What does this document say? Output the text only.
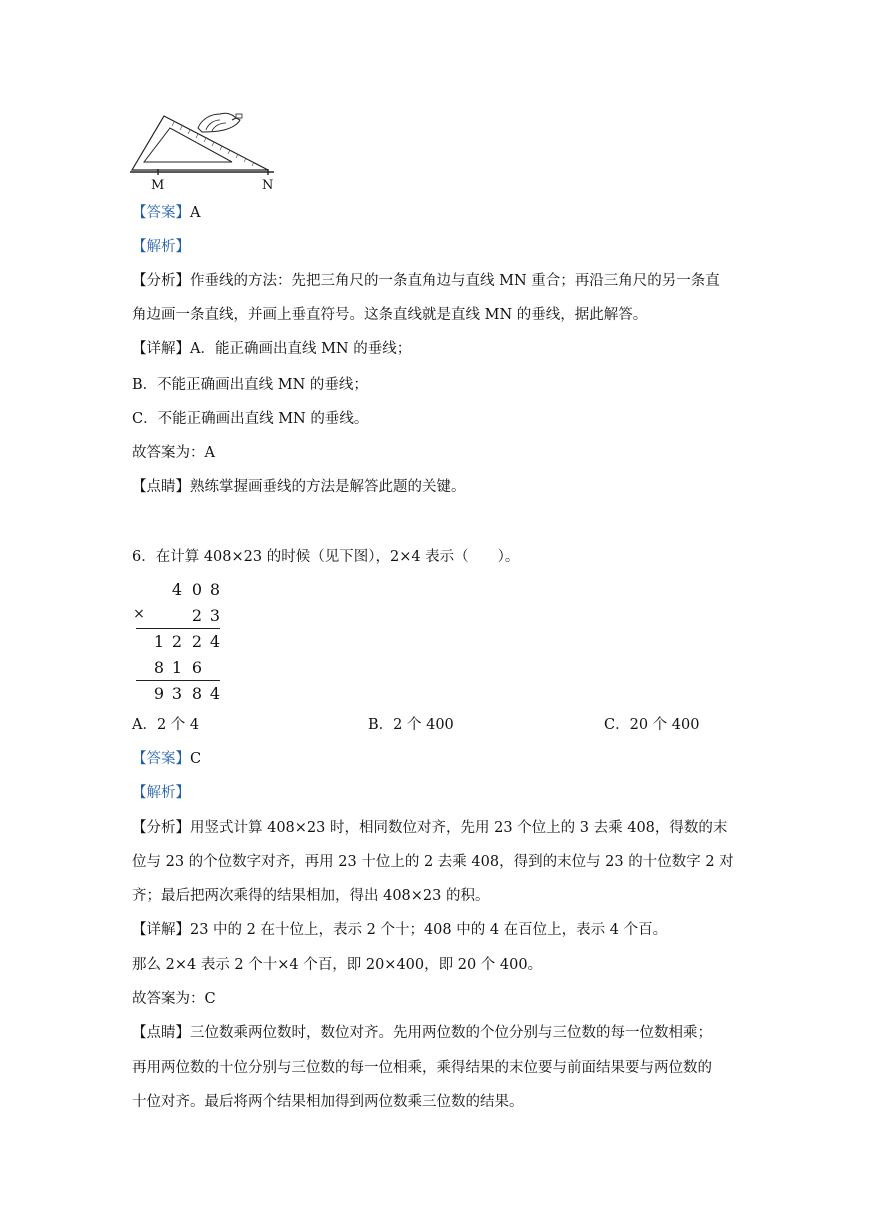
M	N
【答案】A
【解析】
【分析】作垂线的方法：先把三角尺的一条直角边与直线 MN 重合；再沿三角尺的另一条直
角边画一条直线，并画上垂直符号。这条直线就是直线 MN 的垂线，据此解答。
【详解】A．能正确画出直线 MN 的垂线；
B．不能正确画出直线 MN 的垂线；
C．不能正确画出直线 MN 的垂线。
故答案为：A
【点睛】熟练掌握画垂线的方法是解答此题的关键。
6．在计算 408×23 的时候（见下图），2×4 表示（　　）。
4 0 8
×	2 3
1 2 2 4
8 1 6
9 3 8 4
A．2 个 4	B．2 个 400	C．20 个 400
【答案】C
【解析】
【分析】用竖式计算 408×23 时，相同数位对齐，先用 23 个位上的 3 去乘 408，得数的末
位与 23 的个位数字对齐，再用 23 十位上的 2 去乘 408，得到的末位与 23 的十位数字 2 对
齐；最后把两次乘得的结果相加，得出 408×23 的积。
【详解】23 中的 2 在十位上，表示 2 个十；408 中的 4 在百位上，表示 4 个百。
那么 2×4 表示 2 个十×4 个百，即 20×400，即 20 个 400。
故答案为：C
【点睛】三位数乘两位数时，数位对齐。先用两位数的个位分别与三位数的每一位数相乘；
再用两位数的十位分别与三位数的每一位相乘，乘得结果的末位要与前面结果要与两位数的
十位对齐。最后将两个结果相加得到两位数乘三位数的结果。
